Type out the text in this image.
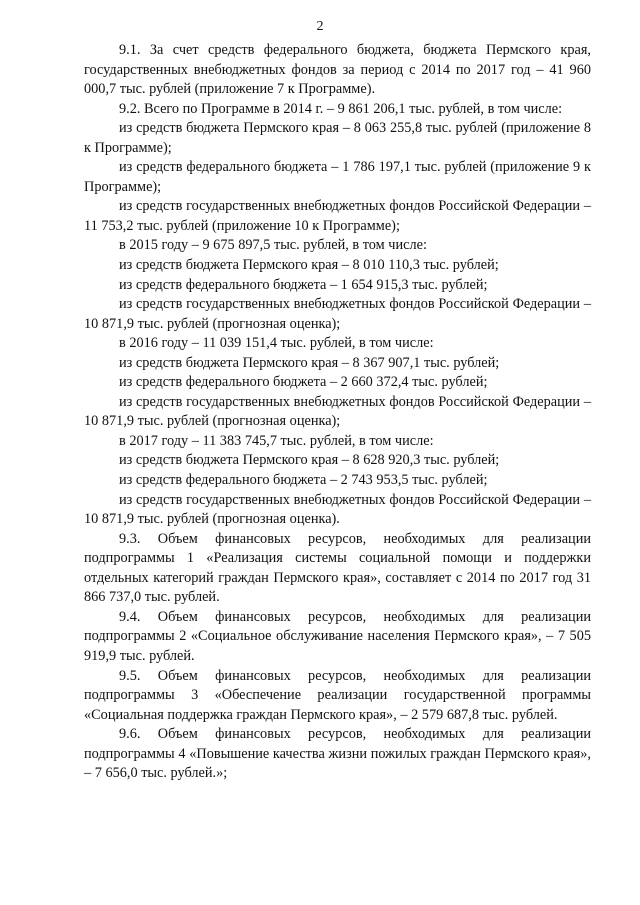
2

9.1. За счет средств федерального бюджета, бюджета Пермского края, государственных внебюджетных фондов за период с 2014 по 2017 год – 41 960 000,7 тыс. рублей (приложение 7 к Программе).

9.2. Всего по Программе в 2014 г. – 9 861 206,1 тыс. рублей, в том числе:

из средств бюджета Пермского края – 8 063 255,8 тыс. рублей (приложение 8 к Программе);

из средств федерального бюджета – 1 786 197,1 тыс. рублей (приложение 9 к Программе);

из средств государственных внебюджетных фондов Российской Федерации – 11 753,2 тыс. рублей (приложение 10 к Программе);

в 2015 году – 9 675 897,5 тыс. рублей, в том числе:

из средств бюджета Пермского края – 8 010 110,3 тыс. рублей;

из средств федерального бюджета – 1 654 915,3 тыс. рублей;

из средств государственных внебюджетных фондов Российской Федерации – 10 871,9 тыс. рублей (прогнозная оценка);

в 2016 году – 11 039 151,4 тыс. рублей, в том числе:

из средств бюджета Пермского края – 8 367 907,1 тыс. рублей;

из средств федерального бюджета – 2 660 372,4 тыс. рублей;

из средств государственных внебюджетных фондов Российской Федерации – 10 871,9 тыс. рублей (прогнозная оценка);

в 2017 году – 11 383 745,7 тыс. рублей, в том числе:

из средств бюджета Пермского края – 8 628 920,3 тыс. рублей;

из средств федерального бюджета – 2 743 953,5 тыс. рублей;

из средств государственных внебюджетных фондов Российской Федерации – 10 871,9 тыс. рублей (прогнозная оценка).

9.3. Объем финансовых ресурсов, необходимых для реализации подпрограммы 1 «Реализация системы социальной помощи и поддержки отдельных категорий граждан Пермского края», составляет с 2014 по 2017 год 31 866 737,0 тыс. рублей.

9.4. Объем финансовых ресурсов, необходимых для реализации подпрограммы 2 «Социальное обслуживание населения Пермского края», – 7 505 919,9 тыс. рублей.

9.5. Объем финансовых ресурсов, необходимых для реализации подпрограммы 3 «Обеспечение реализации государственной программы «Социальная поддержка граждан Пермского края», – 2 579 687,8 тыс. рублей.

9.6. Объем финансовых ресурсов, необходимых для реализации подпрограммы 4 «Повышение качества жизни пожилых граждан Пермского края», – 7 656,0 тыс. рублей.»;
